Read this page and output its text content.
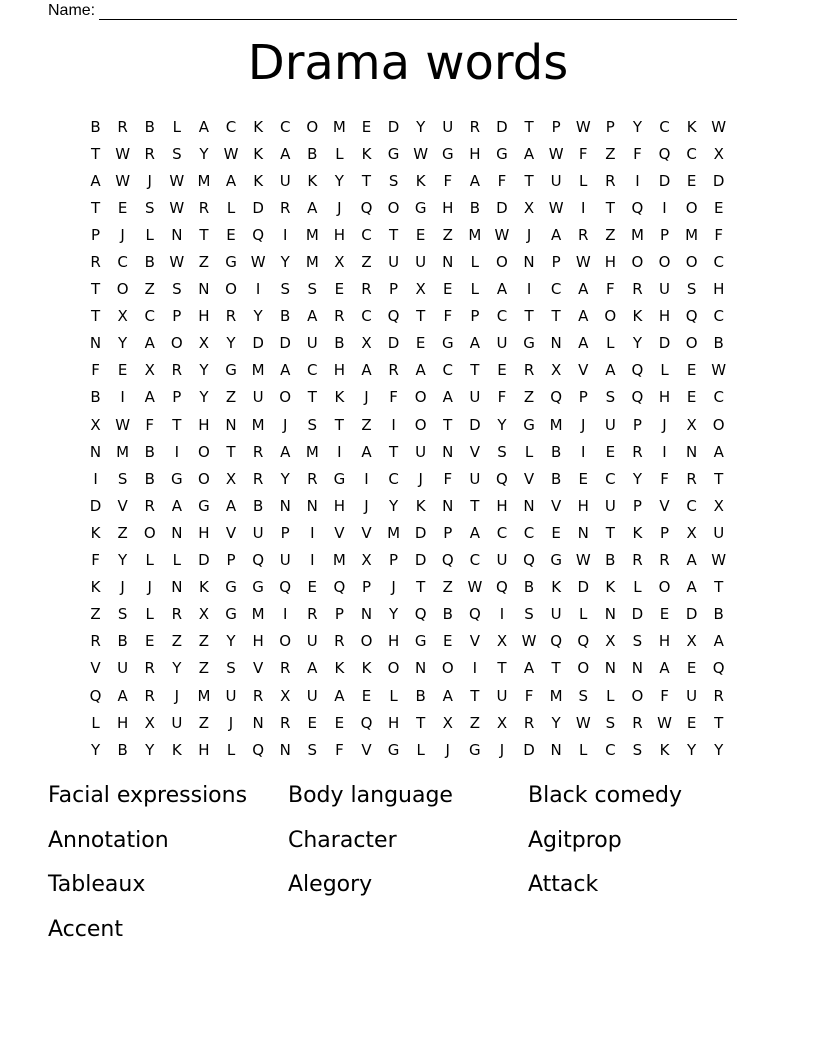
Name:
Drama words
B	R	B	L	A	C	K	C	O M	E	D	Y	U	R	D	T	P	W	P	Y	C	K W
T	W R	S	Y	W K	A	B	L	K	G W G	H	G	A W	F	Z	F	Q	C	X
A W	J	W M	A	K	U	K	Y	T	S	K	F	A	F	T	U	L	R	I	D	E	D
T	E	S W R	L	D	R	A	J	Q	O	G	H	B	D	X W	I	T	Q	I	O	E
P	J	L	N	T	E	Q	I	M H	C	T	E	Z	M W	J	A	R	Z	M	P	M	F
R	C	B W Z	G W	Y	M	X	Z	U	U	N	L	O	N	P	W H	O	O	O	C
T	O	Z	S	N	O	I	S	S	E	R	P	X	E	L	A	I	C	A	F	R	U	S	H
T	X	C	P	H	R	Y	B	A	R	C	Q	T	F	P	C	T	T	A	O	K	H	Q	C
N	Y	A	O	X	Y	D	D	U	B	X	D	E	G	A	U	G	N	A	L	Y	D	O	B
F	E	X	R	Y	G M	A	C	H	A	R	A	C	T	E	R	X	V	A	Q	L	E W
B	I	A	P	Y	Z	U	O	T	K	J	F	O	A	U	F	Z	Q	P	S	Q	H	E	C
X W	F	T	H	N	M	J	S	T	Z	I	O	T	D	Y	G M	J	U	P	J	X	O
N	M	B	I	O	T	R	A	M	I	A	T	U	N	V	S	L	B	I	E	R	I	N	A
I	S	B	G	O	X	R	Y	R	G	I	C	J	F	U	Q	V	B	E	C	Y	F	R	T
D	V	R	A	G	A	B	N	N	H	J	Y	K	N	T	H	N	V	H	U	P	V	C	X
K	Z	O	N	H	V	U	P	I	V	V	M D	P	A	C	C	E	N	T	K	P	X	U
F	Y	L	L	D	P	Q	U	I	M	X	P	D	Q	C	U	Q	G W B	R	R	A W
K	J	J	N	K	G	G	Q	E	Q	P	J	T	Z W Q	B	K	D	K	L	O	A	T
Z	S	L	R	X	G M	I	R	P	N	Y	Q	B	Q	I	S	U	L	N	D	E	D	B
R	B	E	Z	Z	Y	H	O	U	R	O	H	G	E	V	X W Q	Q	X	S	H	X	A
V	U	R	Y	Z	S	V	R	A	K	K	O	N	O	I	T	A	T	O	N	N	A	E	Q
Q	A	R	J	M	U	R	X	U	A	E	L	B	A	T	U	F	M	S	L	O	F	U	R
L	H	X	U	Z	J	N	R	E	E	Q	H	T	X	Z	X	R	Y	W S	R W E	T
Y	B	Y	K	H	L	Q	N	S	F	V	G	L	J	G	J	D	N	L	C	S	K	Y	Y
Facial expressions	Body language	Black comedy
Annotation	Character	Agitprop
Tableaux	Alegory	Attack
Accent
